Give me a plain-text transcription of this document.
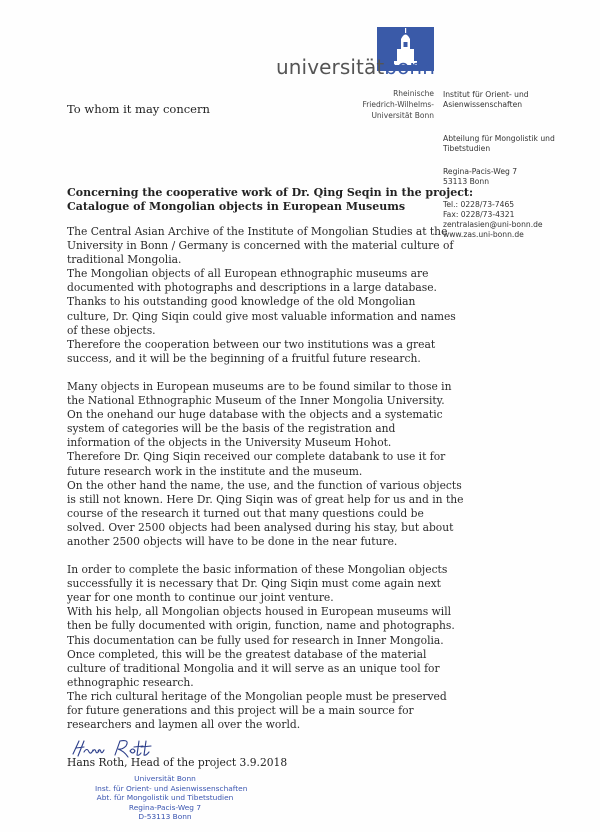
universitätbonn
Rheinische
Friedrich-Wilhelms-
Universität Bonn
To whom it may concern
Institut für Orient- und
Asienwissenschaften
Abteilung für Mongolistik und
Tibetstudien
Regina-Pacis-Weg 7
53113 Bonn
Tel.: 0228/73-7465
Fax: 0228/73-4321
zentralasien@uni-bonn.de
www.zas.uni-bonn.de
Concerning the cooperative work of Dr. Qing Seqin in the project:
Catalogue of Mongolian objects in European Museums
The Central Asian Archive of the Institute of Mongolian Studies at the
University in Bonn / Germany is concerned with the material culture of
traditional Mongolia.
The Mongolian objects of all European ethnographic museums are
documented with photographs and descriptions in a large database.
Thanks to his outstanding good knowledge of the old Mongolian
culture, Dr. Qing Siqin could give most valuable information and names
of these objects.
Therefore the cooperation between our two institutions was a great
success, and it will be the beginning of a fruitful future research.
Many objects in European museums are to be found similar to those in
the National Ethnographic Museum of the Inner Mongolia University.
On the onehand our huge database with the objects and a systematic
system of categories will be the basis of the registration and
information of the objects in the University Museum Hohot.
Therefore Dr. Qing Siqin received our complete databank to use it for
future research work in the institute and the museum.
On the other hand the name, the use, and the function of various objects
is still not known. Here Dr. Qing Siqin was of great help for us and in the
course of the research it turned out that many questions could be
solved. Over 2500 objects had been analysed during his stay, but about
another 2500 objects will have to be done in the near future.
In order to complete the basic information of these Mongolian objects
successfully it is necessary that Dr. Qing Siqin must come again next
year for one month to continue our joint venture.
With his help, all Mongolian objects housed in European museums will
then be fully documented with origin, function, name and photographs.
This documentation can be fully used for research in Inner Mongolia.
Once completed, this will be the greatest database of the material
culture of traditional Mongolia and it will serve as an unique tool for
ethnographic research.
The rich cultural heritage of the Mongolian people must be preserved
for future generations and this project will be a main source for
researchers and laymen all over the world.
Hans Roth, Head of the project 3.9.2018
Universität Bonn
Inst. für Orient- und Asienwissenschaften
Abt. für Mongolistik und Tibetstudien
Regina-Pacis-Weg 7
D-53113 Bonn
